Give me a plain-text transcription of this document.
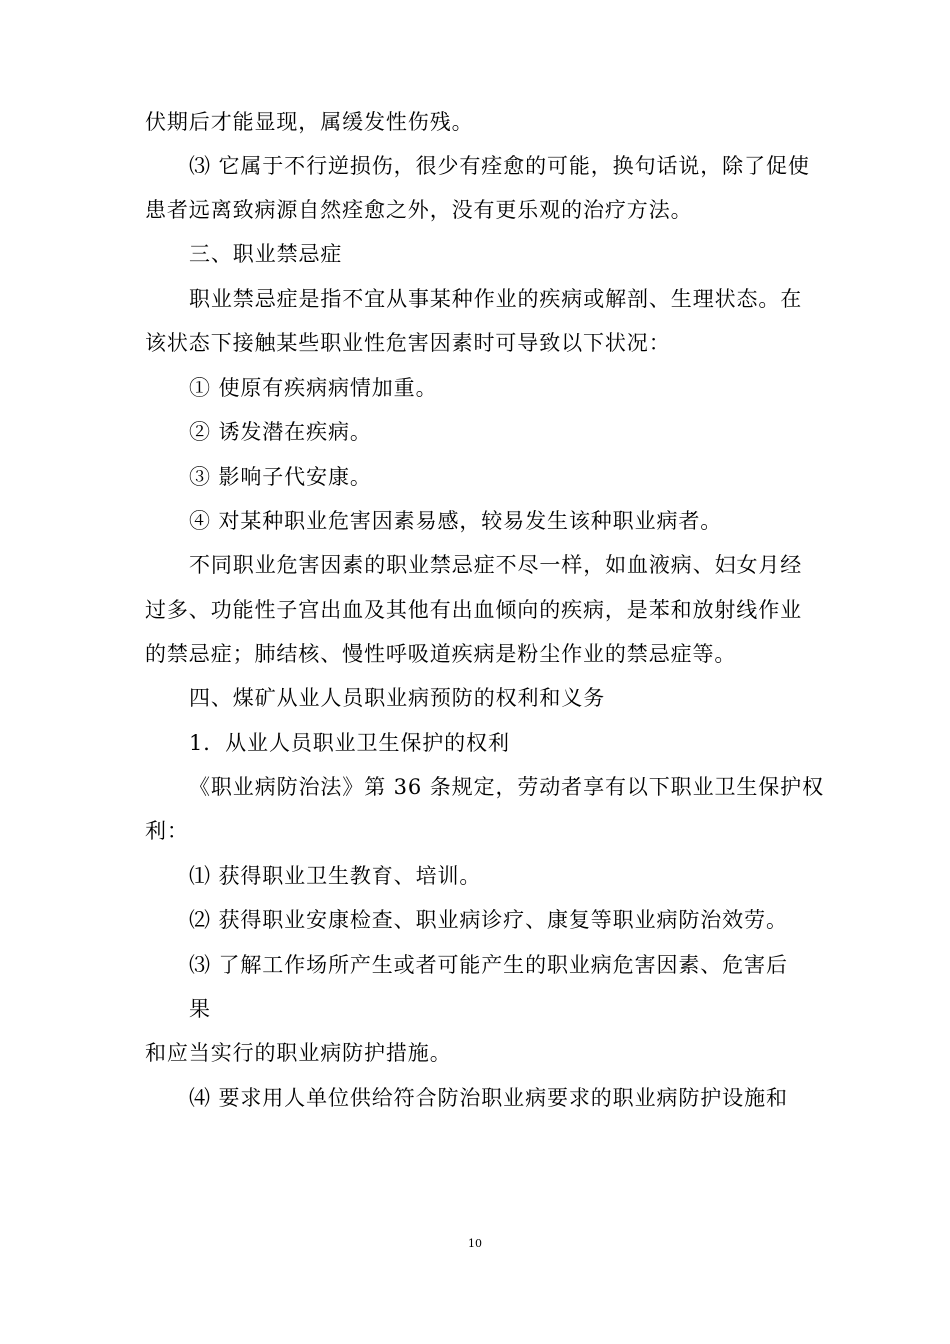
伏期后才能显现，属缓发性伤残。
⑶ 它属于不行逆损伤，很少有痊愈的可能，换句话说，除了促使
患者远离致病源自然痊愈之外，没有更乐观的治疗方法。
三、职业禁忌症
职业禁忌症是指不宜从事某种作业的疾病或解剖、生理状态。在
该状态下接触某些职业性危害因素时可导致以下状况：
① 使原有疾病病情加重。
② 诱发潜在疾病。
③ 影响子代安康。
④ 对某种职业危害因素易感，较易发生该种职业病者。
不同职业危害因素的职业禁忌症不尽一样，如血液病、妇女月经
过多、功能性子宫出血及其他有出血倾向的疾病，是苯和放射线作业
的禁忌症；肺结核、慢性呼吸道疾病是粉尘作业的禁忌症等。
四、煤矿从业人员职业病预防的权利和义务
1．从业人员职业卫生保护的权利
《职业病防治法》第 36 条规定，劳动者享有以下职业卫生保护权
利：
⑴ 获得职业卫生教育、培训。
⑵ 获得职业安康检查、职业病诊疗、康复等职业病防治效劳。
⑶ 了解工作场所产生或者可能产生的职业病危害因素、危害后
果
和应当实行的职业病防护措施。
⑷ 要求用人单位供给符合防治职业病要求的职业病防护设施和
10
